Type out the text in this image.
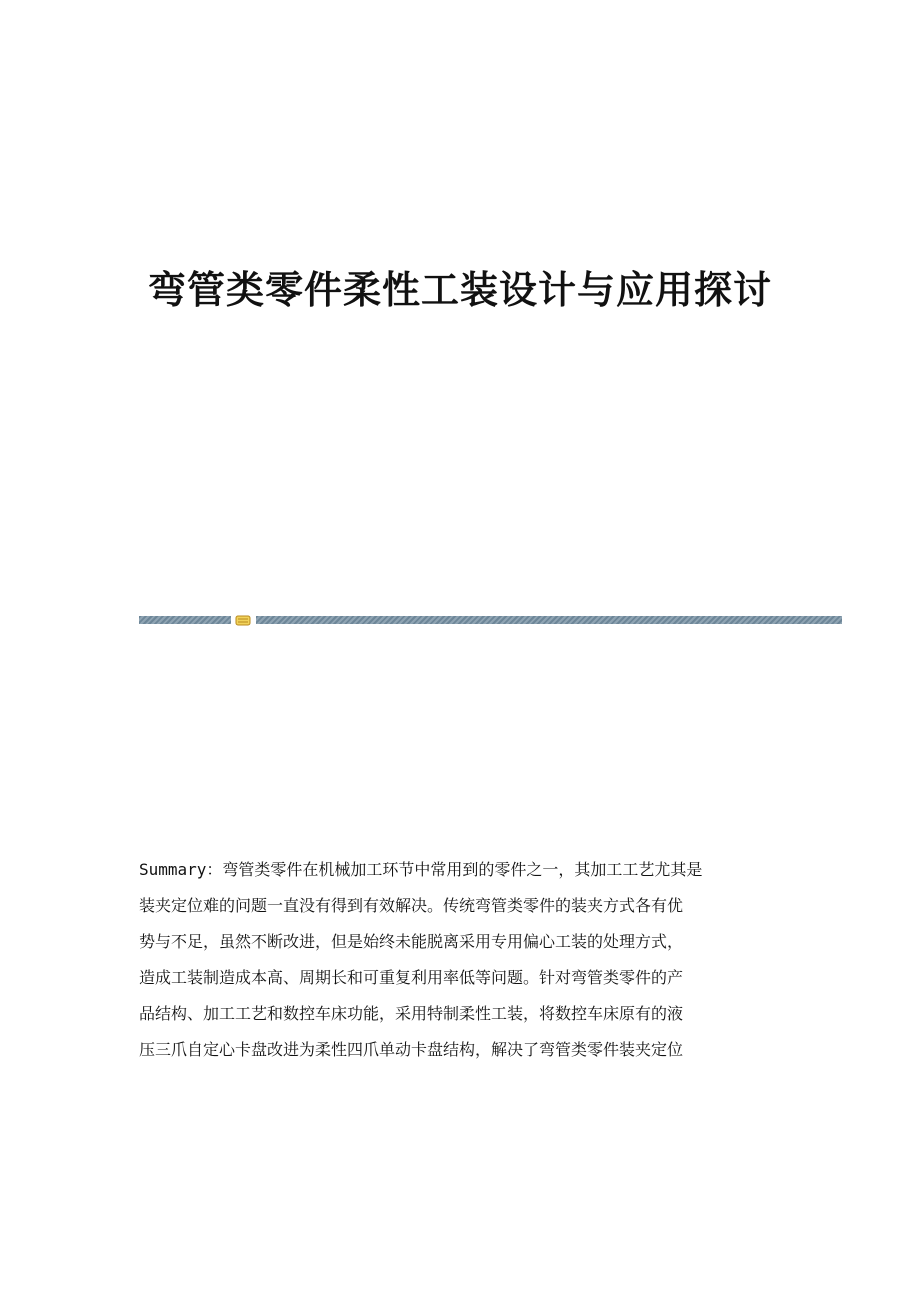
弯管类零件柔性工装设计与应用探讨
Summary：弯管类零件在机械加工环节中常用到的零件之一，其加工工艺尤其是
装夹定位难的问题一直没有得到有效解决。传统弯管类零件的装夹方式各有优
势与不足，虽然不断改进，但是始终未能脱离采用专用偏心工装的处理方式，
造成工装制造成本高、周期长和可重复利用率低等问题。针对弯管类零件的产
品结构、加工工艺和数控车床功能，采用特制柔性工装，将数控车床原有的液
压三爪自定心卡盘改进为柔性四爪单动卡盘结构，解决了弯管类零件装夹定位
